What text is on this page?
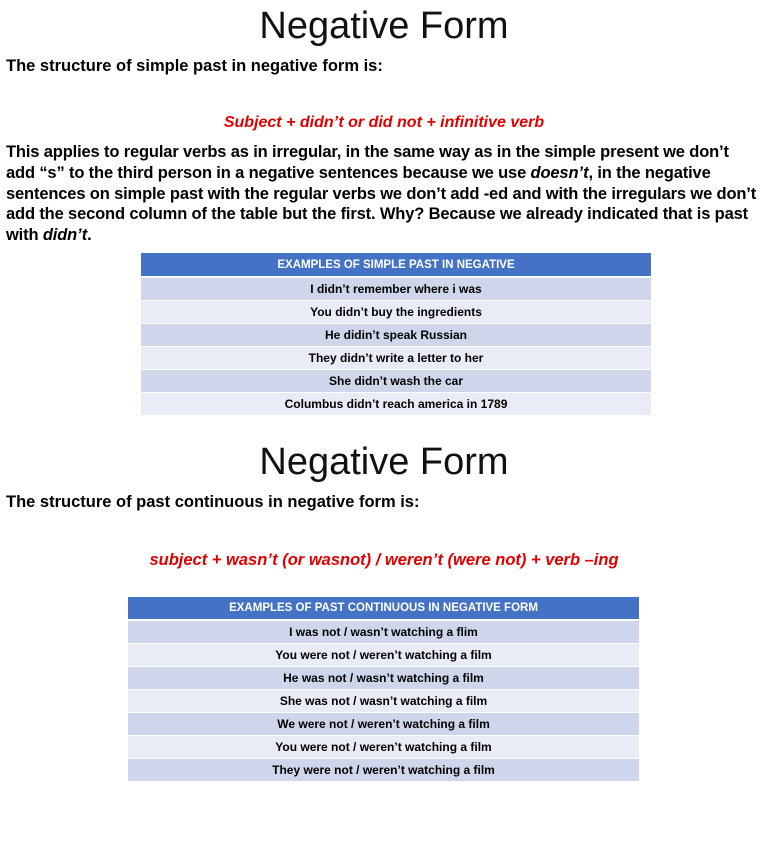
Negative Form
The structure of simple past in negative form is:
Subject + didn’t or did not + infinitive verb
This applies to regular verbs as in irregular, in the same way as in the simple present we don’t add “s” to the third person in a negative sentences because we use doesn’t, in the negative sentences on simple past with the regular verbs we don’t add -ed and with the irregulars we don’t add the second column of the table but the first. Why? Because we already indicated that is past with didn’t.
EXAMPLES OF SIMPLE PAST IN NEGATIVE
I didn’t remember where i was
You didn’t buy the ingredients
He didin’t speak Russian
They didn’t write a letter to her
She didn’t wash the car
Columbus didn’t reach america in 1789
Negative Form
The structure of past continuous in negative form is:
subject + wasn’t (or wasnot) / weren’t (were not) + verb –ing
EXAMPLES OF PAST CONTINUOUS IN NEGATIVE FORM
I was not / wasn’t watching a flim
You were not / weren’t watching a film
He was not / wasn’t watching a film
She was not / wasn’t watching a film
We were not / weren’t watching a film
You were not / weren’t watching a film
They were not / weren’t watching a film
